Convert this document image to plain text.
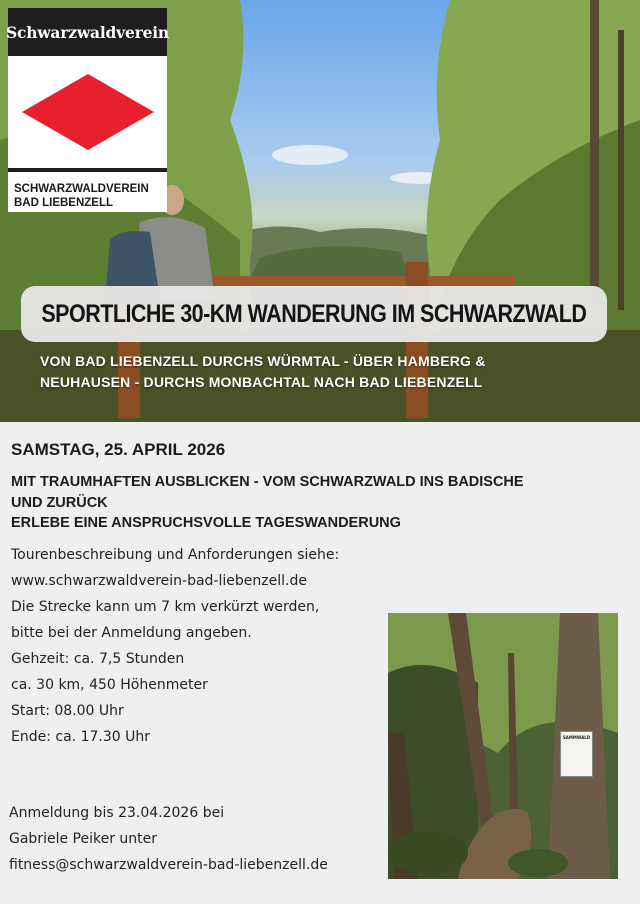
Schwarzwaldverein
SCHWARZWALDVEREIN
BAD LIEBENZELL
SPORTLICHE 30-KM WANDERUNG IM SCHWARZWALD
VON BAD LIEBENZELL DURCHS WÜRMTAL - ÜBER HAMBERG &
NEUHAUSEN - DURCHS MONBACHTAL NACH BAD LIEBENZELL
SAMSTAG, 25. APRIL 2026
MIT TRAUMHAFTEN AUSBLICKEN - VOM SCHWARZWALD INS BADISCHE
UND ZURÜCK
ERLEBE EINE ANSPRUCHSVOLLE TAGESWANDERUNG
Tourenbeschreibung und Anforderungen siehe:
www.schwarzwaldverein-bad-liebenzell.de
Die Strecke kann um 7 km verkürzt werden,
bitte bei der Anmeldung angeben.
Gehzeit: ca. 7,5 Stunden
ca. 30 km, 450 Höhenmeter
Start: 08.00 Uhr
Ende: ca. 17.30 Uhr
Anmeldung bis 23.04.2026 bei
Gabriele Peiker unter
fitness@schwarzwaldverein-bad-liebenzell.de
SAMMWALD
